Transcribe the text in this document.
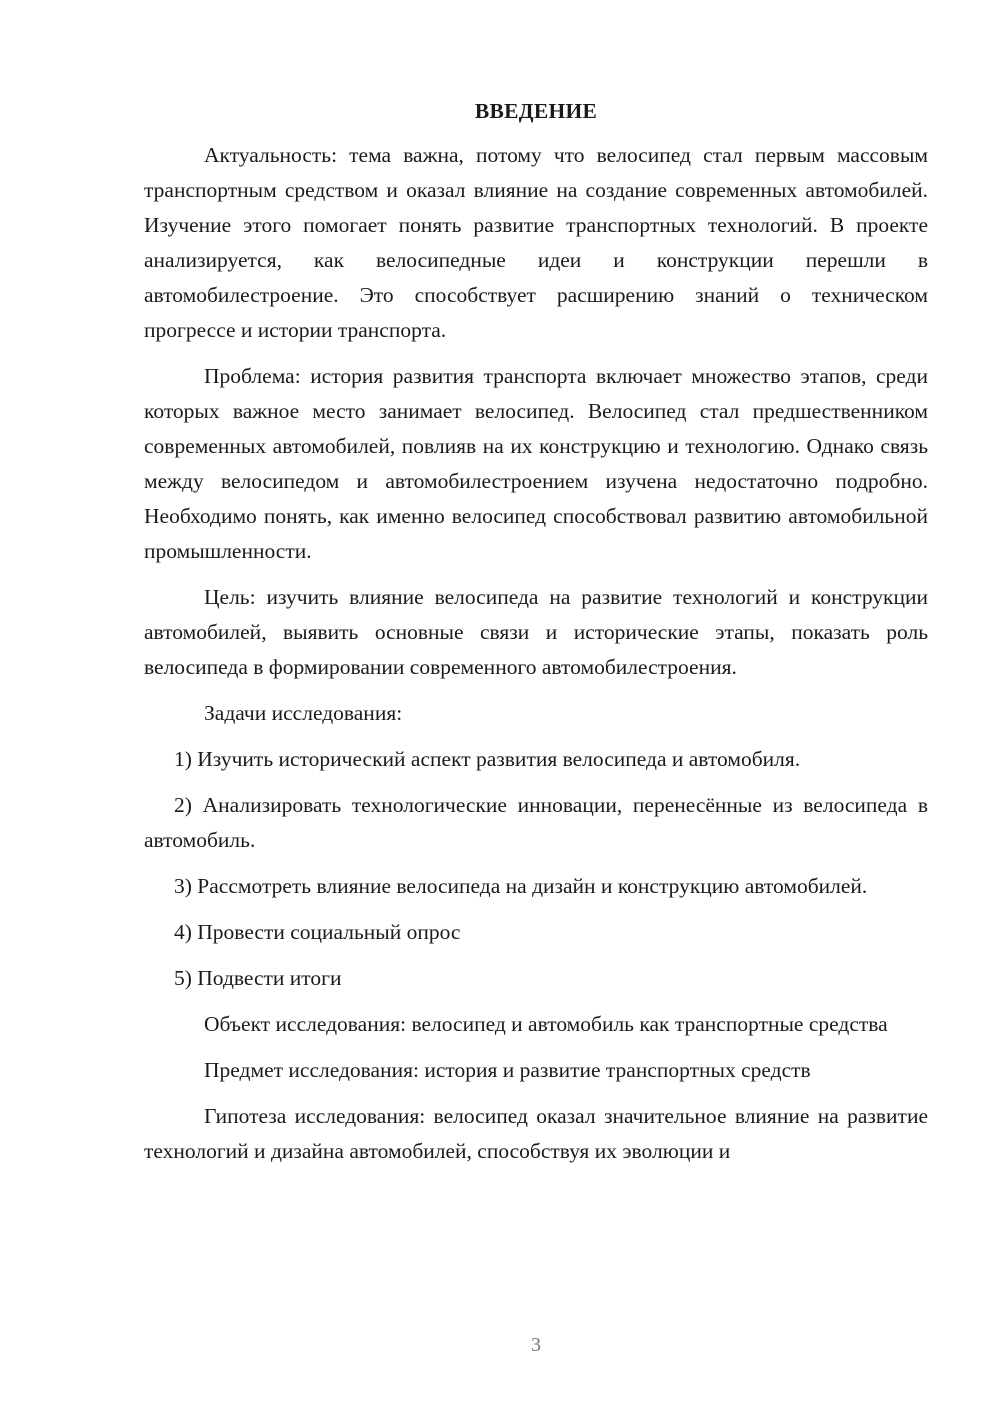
ВВЕДЕНИЕ

Актуальность: тема важна, потому что велосипед стал первым массовым транспортным средством и оказал влияние на создание современных автомобилей. Изучение этого помогает понять развитие транспортных технологий. В проекте анализируется, как велосипедные идеи и конструкции перешли в автомобилестроение. Это способствует расширению знаний о техническом прогрессе и истории транспорта.

Проблема: история развития транспорта включает множество этапов, среди которых важное место занимает велосипед. Велосипед стал предшественником современных автомобилей, повлияв на их конструкцию и технологию. Однако связь между велосипедом и автомобилестроением изучена недостаточно подробно. Необходимо понять, как именно велосипед способствовал развитию автомобильной промышленности.

Цель: изучить влияние велосипеда на развитие технологий и конструкции автомобилей, выявить основные связи и исторические этапы, показать роль велосипеда в формировании современного автомобилестроения.

Задачи исследования:

1) Изучить исторический аспект развития велосипеда и автомобиля.

2) Анализировать технологические инновации, перенесённые из велосипеда в автомобиль.

3) Рассмотреть влияние велосипеда на дизайн и конструкцию автомобилей.

4) Провести социальный опрос

5) Подвести итоги

Объект исследования: велосипед и автомобиль как транспортные средства

Предмет исследования: история и развитие транспортных средств

Гипотеза исследования: велосипед оказал значительное влияние на развитие технологий и дизайна автомобилей, способствуя их эволюции и

3
